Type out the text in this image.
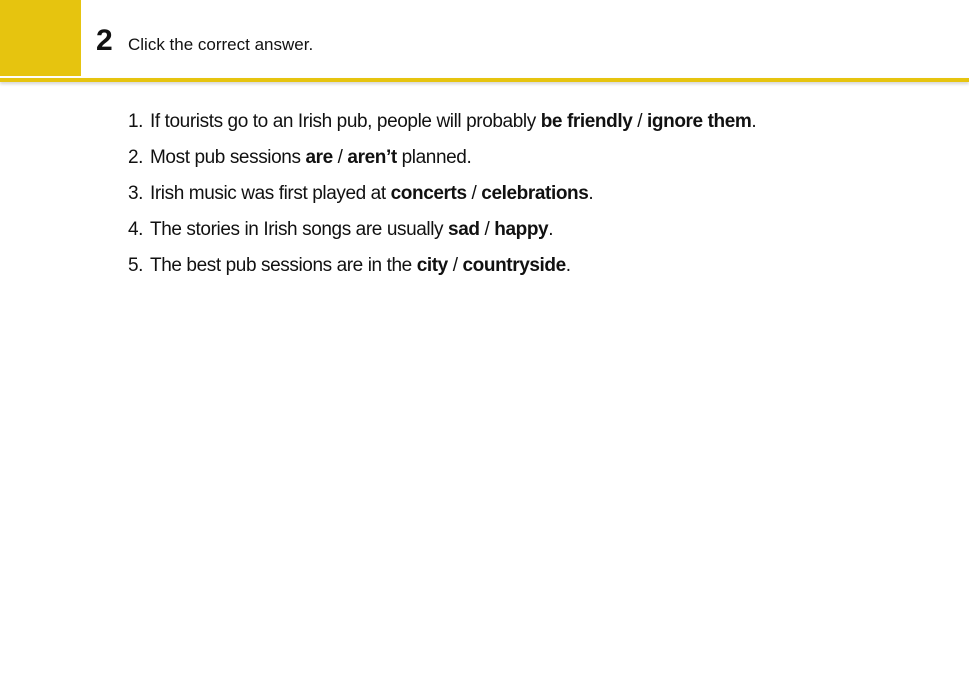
2 Click the correct answer.
1. If tourists go to an Irish pub, people will probably be friendly / ignore them.
2. Most pub sessions are / aren’t planned.
3. Irish music was first played at concerts / celebrations.
4. The stories in Irish songs are usually sad / happy.
5. The best pub sessions are in the city / countryside.
